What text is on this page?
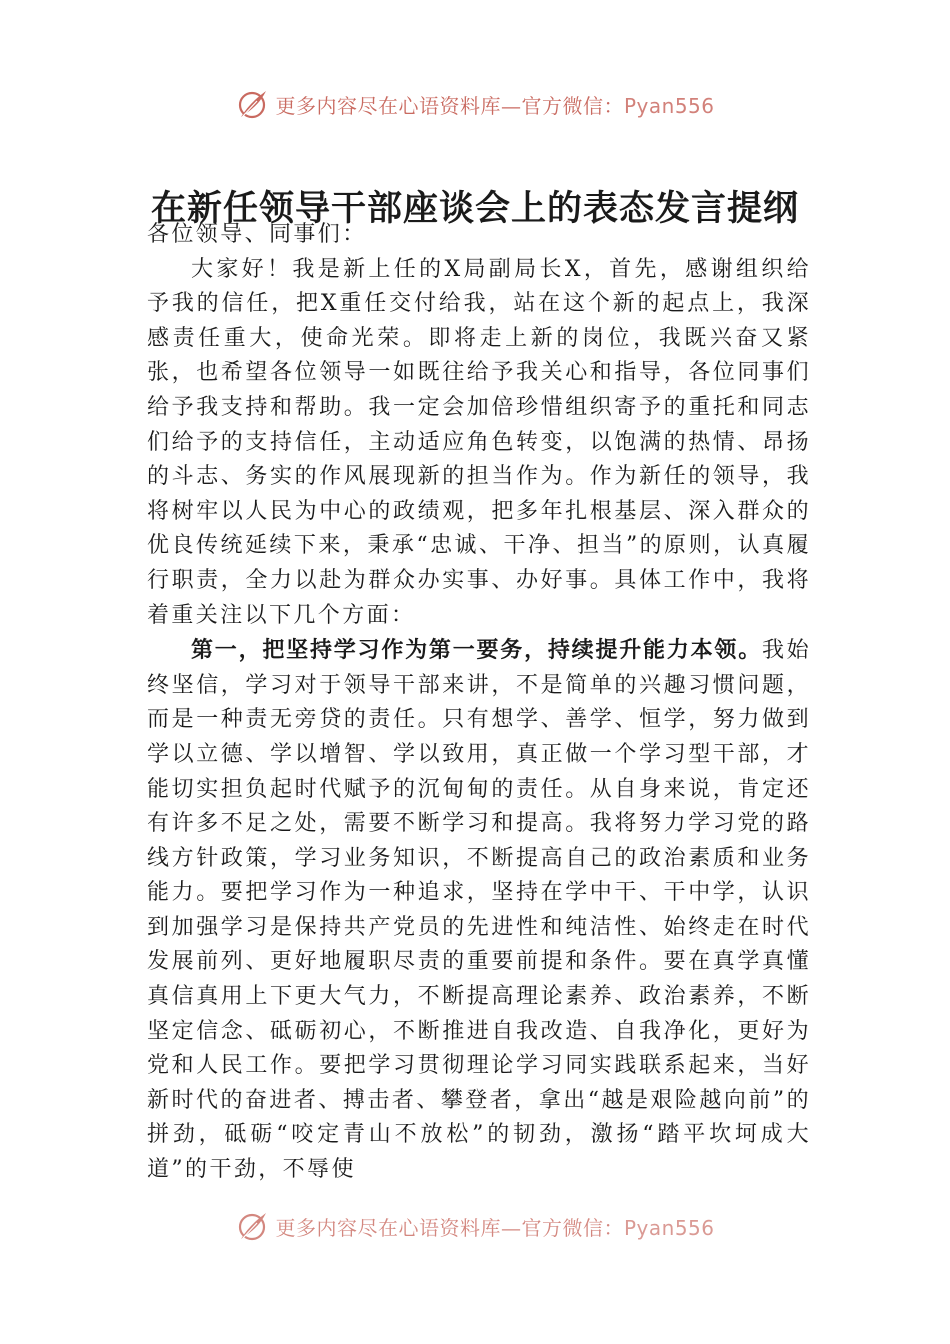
更多内容尽在心语资料库—官方微信：Pyan556
在新任领导干部座谈会上的表态发言提纲

各位领导、同事们：

大家好！我是新上任的X局副局长X，首先，感谢组织给予我的信任，把X重任交付给我，站在这个新的起点上，我深感责任重大，使命光荣。即将走上新的岗位，我既兴奋又紧张，也希望各位领导一如既往给予我关心和指导，各位同事们给予我支持和帮助。我一定会加倍珍惜组织寄予的重托和同志们给予的支持信任，主动适应角色转变，以饱满的热情、昂扬的斗志、务实的作风展现新的担当作为。作为新任的领导，我将树牢以人民为中心的政绩观，把多年扎根基层、深入群众的优良传统延续下来，秉承“忠诚、干净、担当”的原则，认真履行职责，全力以赴为群众办实事、办好事。具体工作中，我将着重关注以下几个方面：

第一，把坚持学习作为第一要务，持续提升能力本领。我始终坚信，学习对于领导干部来讲，不是简单的兴趣习惯问题，而是一种责无旁贷的责任。只有想学、善学、恒学，努力做到学以立德、学以增智、学以致用，真正做一个学习型干部，才能切实担负起时代赋予的沉甸甸的责任。从自身来说，肯定还有许多不足之处，需要不断学习和提高。我将努力学习党的路线方针政策，学习业务知识，不断提高自己的政治素质和业务能力。要把学习作为一种追求，坚持在学中干、干中学，认识到加强学习是保持共产党员的先进性和纯洁性、始终走在时代发展前列、更好地履职尽责的重要前提和条件。要在真学真懂真信真用上下更大气力，不断提高理论素养、政治素养，不断坚定信念、砥砺初心，不断推进自我改造、自我净化，更好为党和人民工作。要把学习贯彻理论学习同实践联系起来，当好新时代的奋进者、搏击者、攀登者，拿出“越是艰险越向前”的拼劲，砥砺“咬定青山不放松”的韧劲，激扬“踏平坎坷成大道”的干劲，不辱使

更多内容尽在心语资料库—官方微信：Pyan556
